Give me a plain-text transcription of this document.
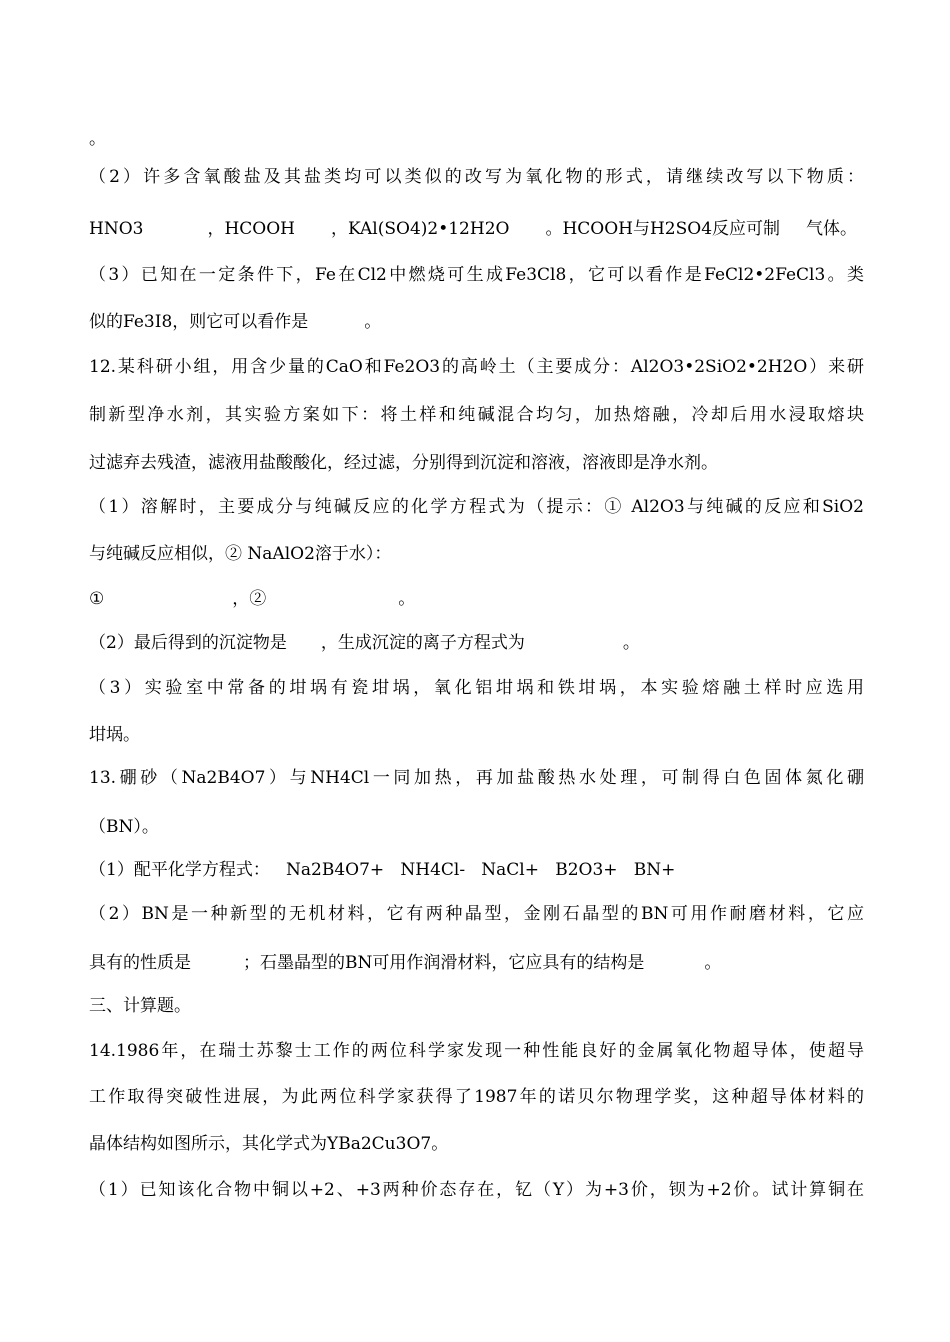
。
（2）许多含氧酸盐及其盐类均可以类似的改写为氧化物的形式，请继续改写以下物质：
HNO3	，HCOOH ，KAl(SO4)2•12H2O 。HCOOH与H2SO4反应可制 气体。
（3）已知在一定条件下，Fe在Cl2中燃烧可生成Fe3Cl8，它可以看作是FeCl2•2FeCl3。类
似的Fe3I8，则它可以看作是	。
12.某科研小组，用含少量的CaO和Fe2O3的高岭土（主要成分：Al2O3•2SiO2•2H2O）来研
制新型净水剂，其实验方案如下：将土样和纯碱混合均匀，加热熔融，冷却后用水浸取熔块
过滤弃去残渣，滤液用盐酸酸化，经过滤，分别得到沉淀和溶液，溶液即是净水剂。
（1）溶解时，主要成分与纯碱反应的化学方程式为（提示：① Al2O3与纯碱的反应和SiO2
与纯碱反应相似，② NaAlO2溶于水）：
①	，②	。
（2）最后得到的沉淀物是 ，生成沉淀的离子方程式为	。
（3）实验室中常备的坩埚有瓷坩埚，氧化铝坩埚和铁坩埚，本实验熔融土样时应选用
坩埚。
13.硼砂（Na2B4O7）与NH4Cl一同加热，再加盐酸热水处理，可制得白色固体氮化硼
（BN）。
（1）配平化学方程式：   Na2B4O7+   NH4Cl-   NaCl+   B2O3+   BN+
（2）BN是一种新型的无机材料，它有两种晶型，金刚石晶型的BN可用作耐磨材料，它应
具有的性质是	；石墨晶型的BN可用作润滑材料，它应具有的结构是	。
三、计算题。
14.1986年，在瑞士苏黎士工作的两位科学家发现一种性能良好的金属氧化物超导体，使超导
工作取得突破性进展，为此两位科学家获得了1987年的诺贝尔物理学奖，这种超导体材料的
晶体结构如图所示，其化学式为YBa2Cu3O7。
（1）已知该化合物中铜以+2、+3两种价态存在，钇（Y）为+3价，钡为+2价。试计算铜在
